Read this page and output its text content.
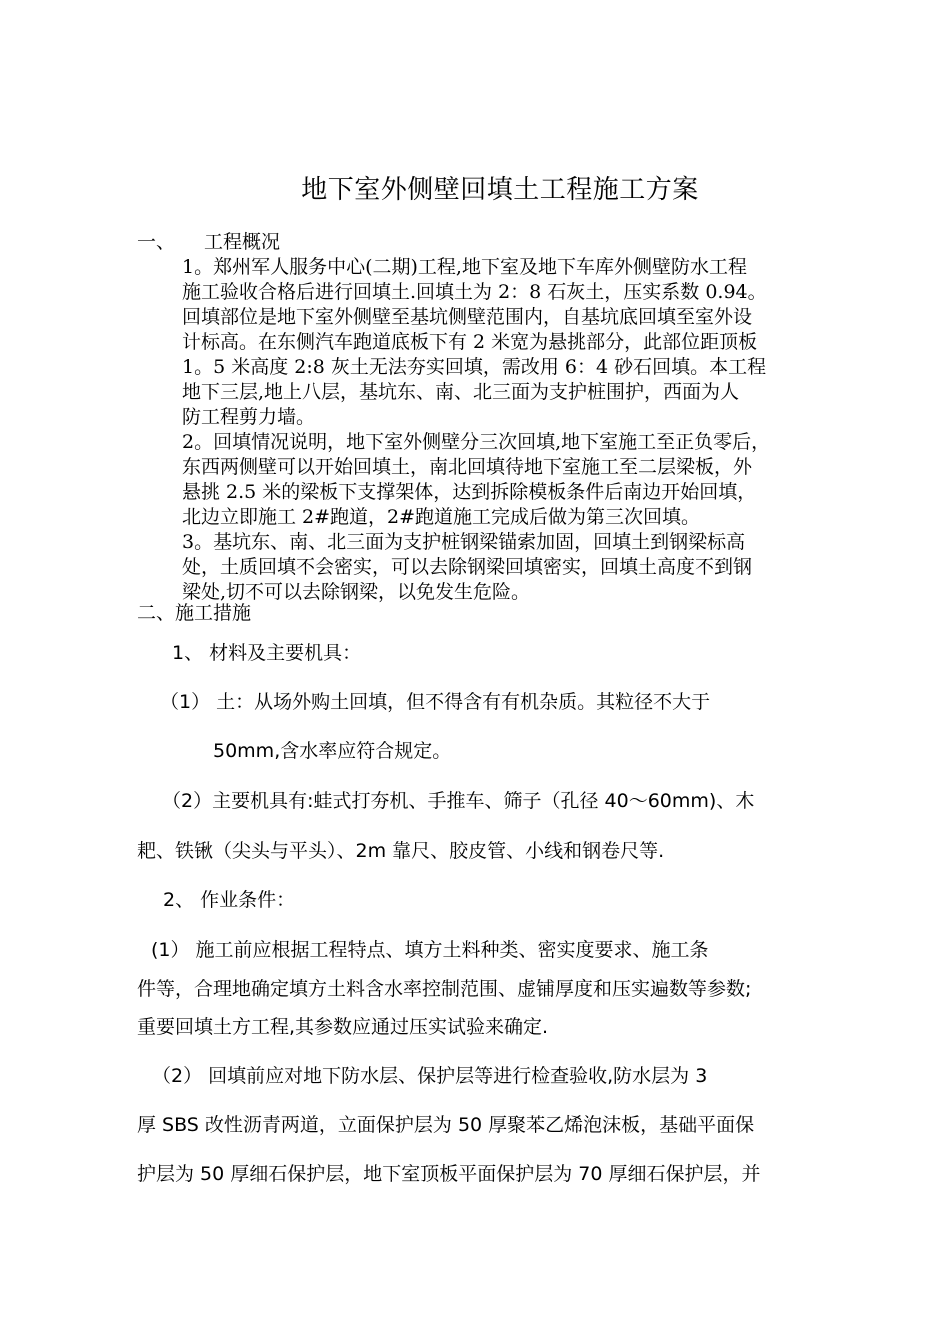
地下室外侧壁回填土工程施工方案
一、 工程概况
1。郑州军人服务中心(二期)工程,地下室及地下车库外侧壁防水工程
施工验收合格后进行回填土.回填土为 2：8 石灰土，压实系数 0.94。
回填部位是地下室外侧壁至基坑侧壁范围内，自基坑底回填至室外设
计标高。在东侧汽车跑道底板下有 2 米宽为悬挑部分，此部位距顶板
1。5 米高度 2:8 灰土无法夯实回填，需改用 6：4 砂石回填。本工程
地下三层,地上八层，基坑东、南、北三面为支护桩围护，西面为人
防工程剪力墙。
2。回填情况说明，地下室外侧壁分三次回填,地下室施工至正负零后，
东西两侧壁可以开始回填土，南北回填待地下室施工至二层梁板，外
悬挑 2.5 米的梁板下支撑架体，达到拆除模板条件后南边开始回填，
北边立即施工 2#跑道，2#跑道施工完成后做为第三次回填。
3。基坑东、南、北三面为支护桩钢梁锚索加固，回填土到钢梁标高
处，土质回填不会密实，可以去除钢梁回填密实，回填土高度不到钢
梁处,切不可以去除钢梁，以免发生危险。
二、施工措施
1、 材料及主要机具：
（1） 土：从场外购土回填，但不得含有有机杂质。其粒径不大于
50mm,含水率应符合规定。
（2）主要机具有:蛙式打夯机、手推车、筛子（孔径 40～60mm)、木
耙、铁锹（尖头与平头）、2m 靠尺、胶皮管、小线和钢卷尺等.
2、 作业条件：
(1） 施工前应根据工程特点、填方土料种类、密实度要求、施工条
件等，合理地确定填方土料含水率控制范围、虚铺厚度和压实遍数等参数;
重要回填土方工程,其参数应通过压实试验来确定.
（2） 回填前应对地下防水层、保护层等进行检查验收,防水层为 3
厚 SBS 改性沥青两道，立面保护层为 50 厚聚苯乙烯泡沫板，基础平面保
护层为 50 厚细石保护层，地下室顶板平面保护层为 70 厚细石保护层，并
